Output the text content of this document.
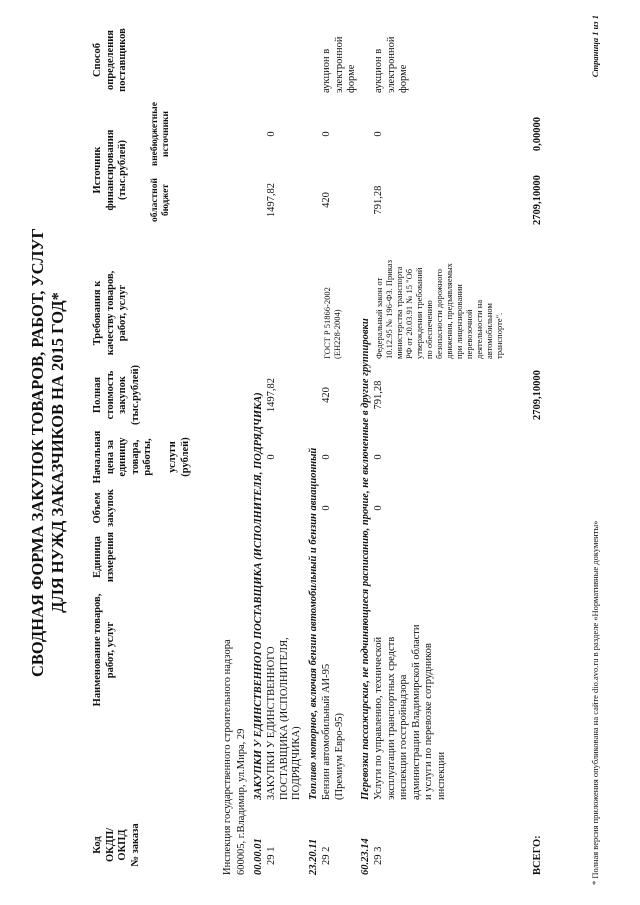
СВОДНАЯ ФОРМА ЗАКУПОК ТОВАРОВ, РАБОТ, УСЛУГ ДЛЯ НУЖД ЗАКАЗЧИКОВ НА 2015 ГОД*
Код ОКДП/ ОКПД № заказа
Наименование товаров, работ, услуг
Единица измерения
Объем закупок
Начальная цена за единицу товара, работы,
услуги (рублей)
Полная стоимость закупок (тыс.рублей)
Требования к качеству товаров, работ, услуг
Источник финансирования (тыс.рублей) областной бюджет
внебюджетные источники
Способ определения поставщиков
Инспекция государственного строительного надзора 600005, г.Владимир, ул.Мира, 29 00.00.01
ЗАКУПКИ У ЕДИНСТВЕННОГО ПОСТАВЩИКА (ИСПОЛНИТЕЛЯ, ПОДРЯДЧИКА)
29 1
ЗАКУПКИ У ЕДИНСТВЕННОГО ПОСТАВЩИКА (ИСПОЛНИТЕЛЯ, ПОДРЯДЧИКА)
0
1497,82
1497,82
0
23.20.11
Топливо моторное, включая бензин автомобильный и бензин авиационный
29 2
Бензин автомобильный АИ-95 (Премиум Евро-95)
0
0
420
ГОСТ Р 51866-2002 (ЕН228-2004)
420
0
аукцион в электронной форме
60.23.14
Перевозки пассажирские, не подчиняющиеся расписанию, прочие, не включенные в другие группировки
29 3
Услуги по управлению, технической эксплуатации транспортных средств инспекции госстройнадзора администрации Владимирской области и услуги по перевозке сотрудников инспекции
0
0
791,28
Федеральный закон от 10.12.95 № 196-ФЗ. Приказ министерства транспорта РФ от 20.03.91 № 15 "Об утверждении требований по обеспечению безопасности дорожного движения, предъявляемых при лицензировании перевозочной деятельности на автомобильном транспорте".
791,28
0
аукцион в электронной форме
ВСЕГО:
2709,10000
2709,10000
0,00000
* Полная версия приложения опубликована на сайте dio.avo.ru в разделе «Нормативные документы»
Страница 1 из 1
